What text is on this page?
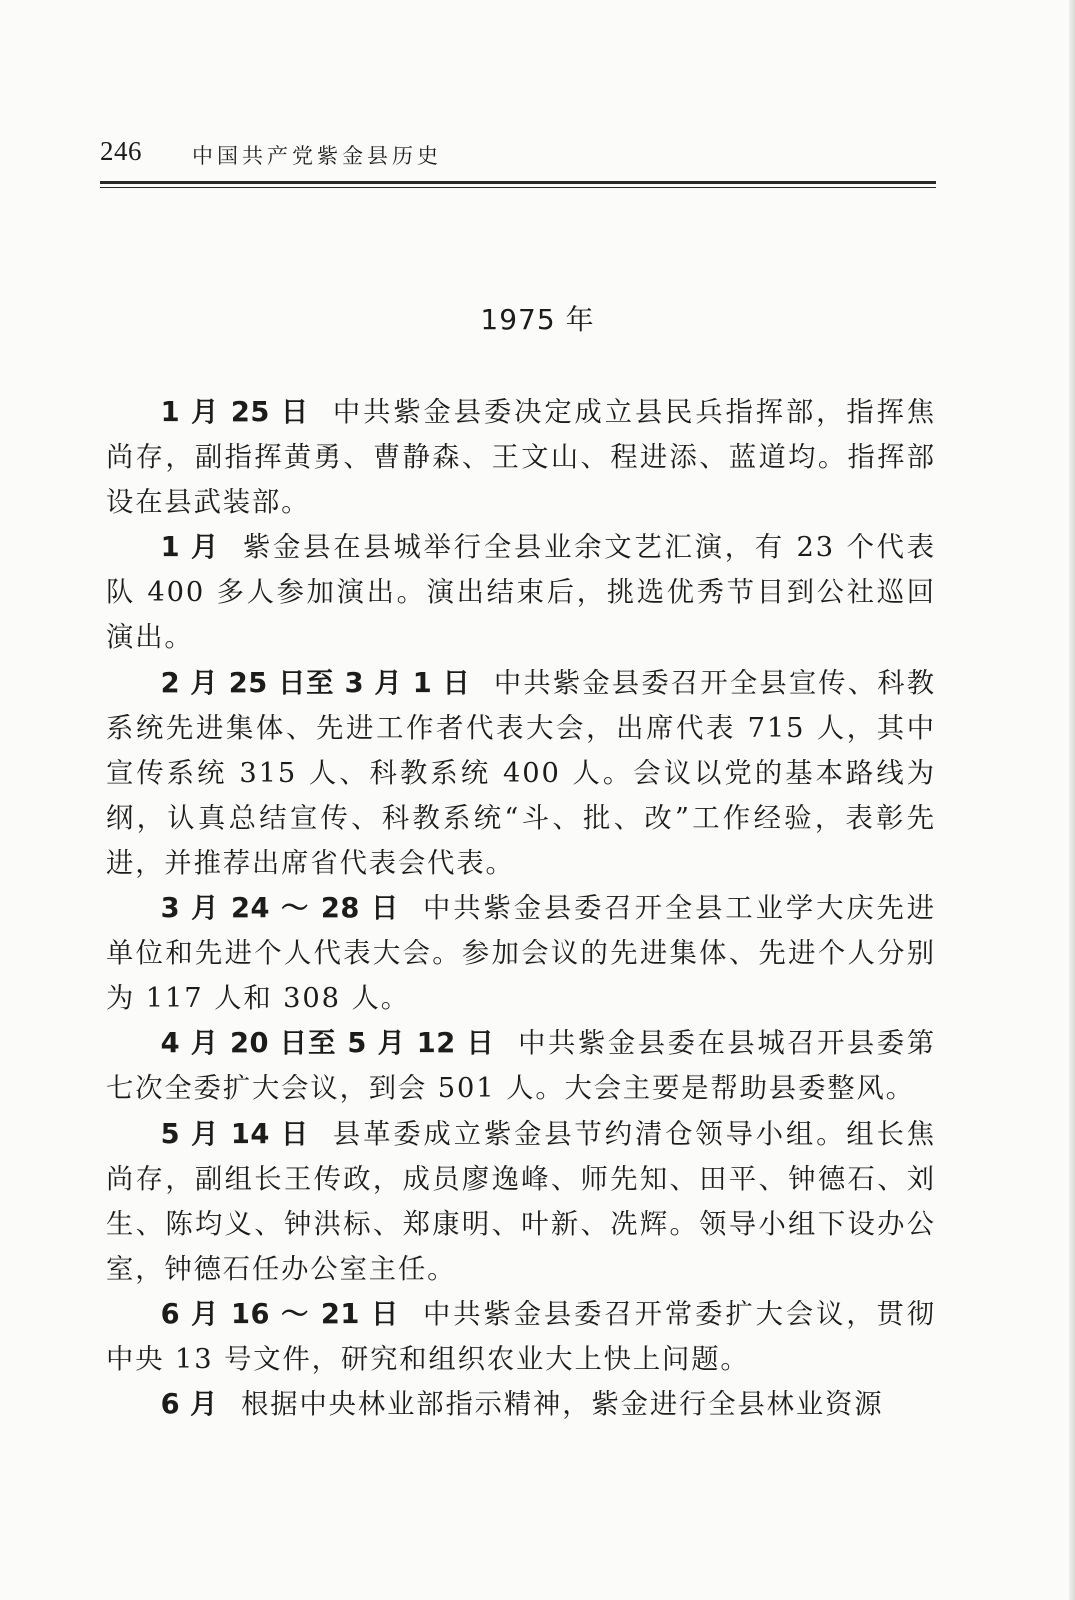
246 中国共产党紫金县历史
1975 年

1 月 25 日 中共紫金县委决定成立县民兵指挥部，指挥焦尚存，副指挥黄勇、曹静森、王文山、程进添、蓝道均。指挥部设在县武装部。

1 月 紫金县在县城举行全县业余文艺汇演，有 23 个代表队 400 多人参加演出。演出结束后，挑选优秀节目到公社巡回演出。

2 月 25 日至 3 月 1 日 中共紫金县委召开全县宣传、科教系统先进集体、先进工作者代表大会，出席代表 715 人，其中宣传系统 315 人、科教系统 400 人。会议以党的基本路线为纲，认真总结宣传、科教系统“斗、批、改”工作经验，表彰先进，并推荐出席省代表会代表。

3 月 24 ～ 28 日 中共紫金县委召开全县工业学大庆先进单位和先进个人代表大会。参加会议的先进集体、先进个人分别为 117 人和 308 人。

4 月 20 日至 5 月 12 日 中共紫金县委在县城召开县委第七次全委扩大会议，到会 501 人。大会主要是帮助县委整风。

5 月 14 日 县革委成立紫金县节约清仓领导小组。组长焦尚存，副组长王传政，成员廖逸峰、师先知、田平、钟德石、刘生、陈均义、钟洪标、郑康明、叶新、冼辉。领导小组下设办公室，钟德石任办公室主任。

6 月 16 ～ 21 日 中共紫金县委召开常委扩大会议，贯彻中央 13 号文件，研究和组织农业大上快上问题。

6 月 根据中央林业部指示精神，紫金进行全县林业资源
